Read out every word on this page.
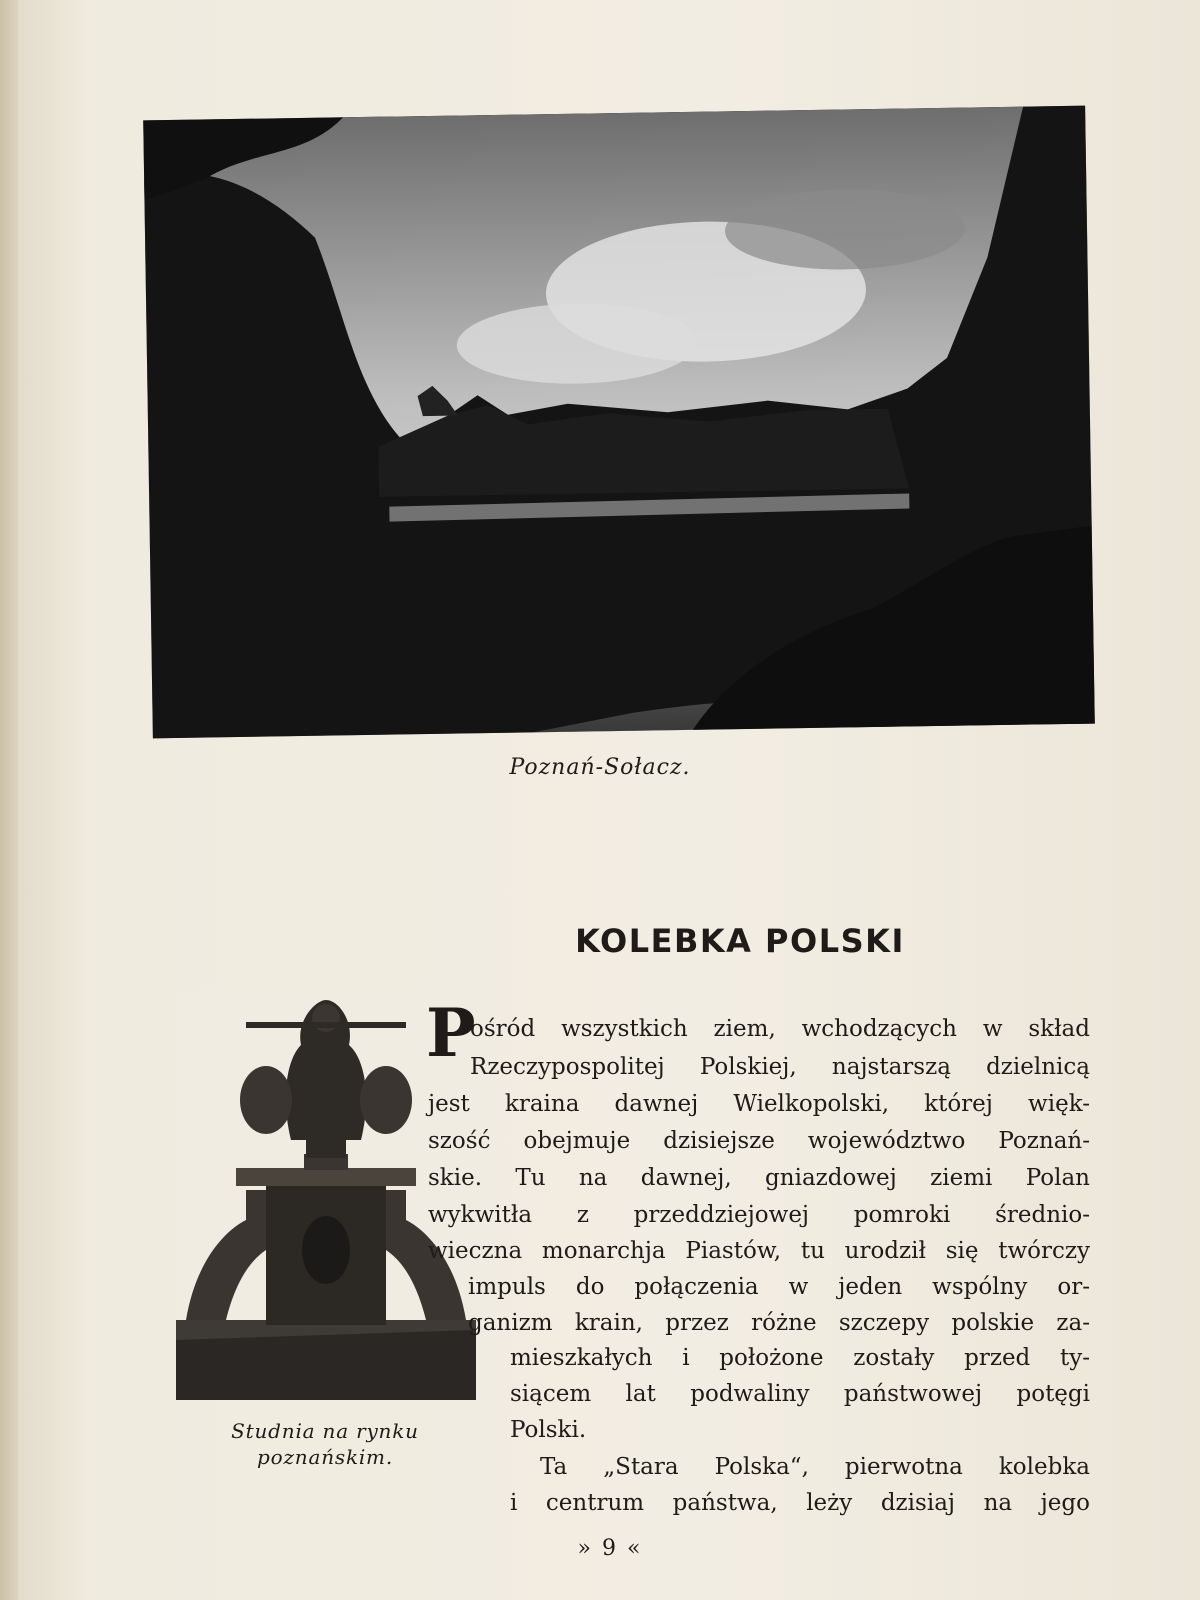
Poznań-Sołacz.
KOLEBKA POLSKI
Studnia na rynku
poznańskim.
P
ośród wszystkich ziem, wchodzących w skład
Rzeczypospolitej Polskiej, najstarszą dzielnicą
jest kraina dawnej Wielkopolski, której więk-
szość obejmuje dzisiejsze województwo Poznań-
skie. Tu na dawnej, gniazdowej ziemi Polan
wykwitła z przeddziejowej pomroki średnio-
wieczna monarchja Piastów, tu urodził się twórczy
impuls do połączenia w jeden wspólny or-
ganizm krain, przez różne szczepy polskie za-
mieszkałych i położone zostały przed ty-
siącem lat podwaliny państwowej potęgi
Polski.
Ta „Stara Polska“, pierwotna kolebka
i centrum państwa, leży dzisiaj na jego
» 9 «
